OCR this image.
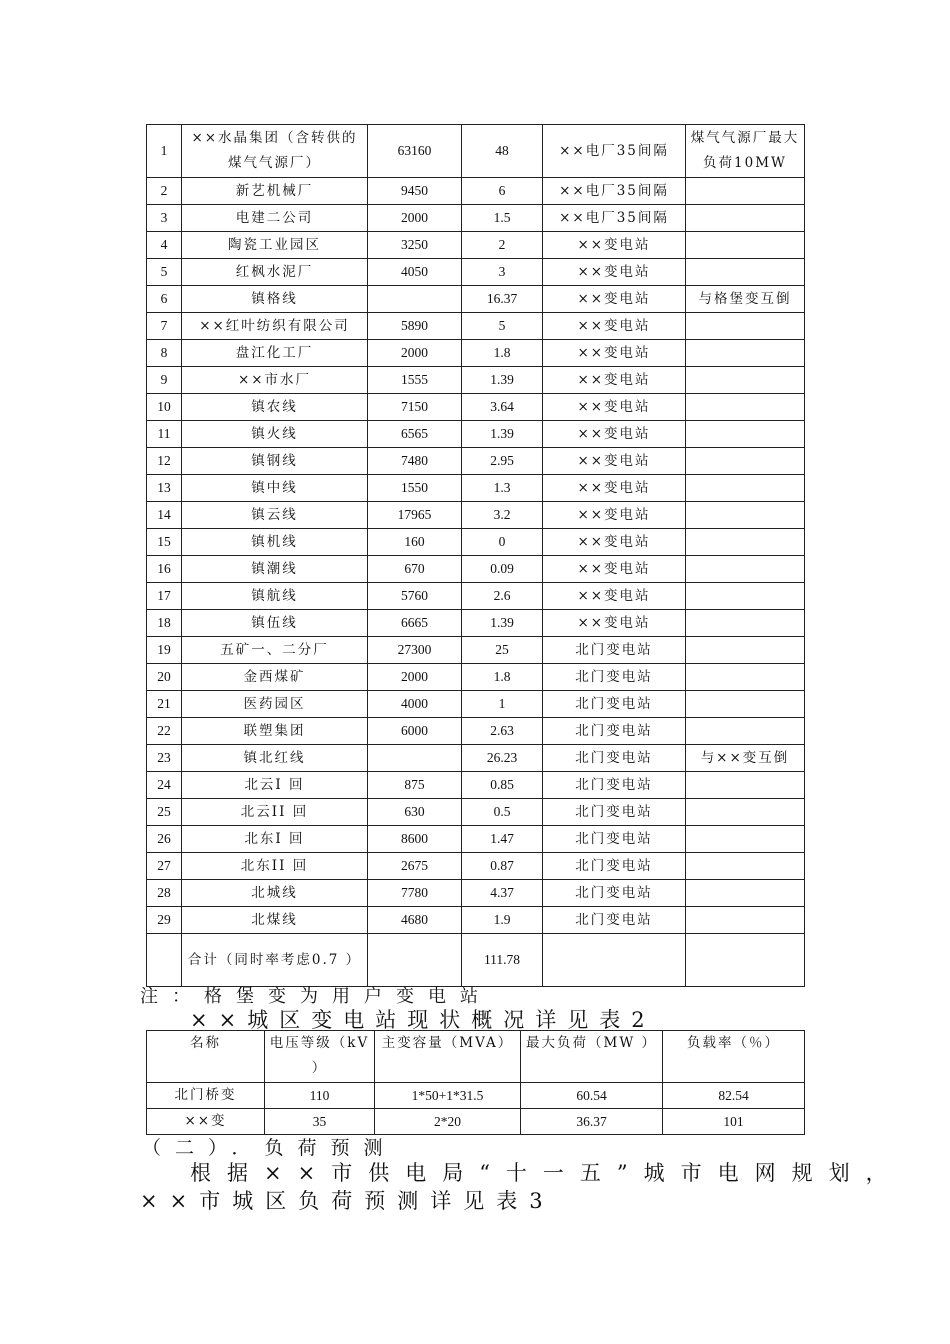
1	××水晶集团（含转供的煤气气源厂）	63160	48	××电厂35间隔	煤气气源厂最大负荷10MW
2	新艺机械厂	9450	6	××电厂35间隔	
3	电建二公司	2000	1.5	××电厂35间隔	
4	陶瓷工业园区	3250	2	××变电站	
5	红枫水泥厂	4050	3	××变电站	
6	镇格线		16.37	××变电站	与格堡变互倒
7	××红叶纺织有限公司	5890	5	××变电站	
8	盘江化工厂	2000	1.8	××变电站	
9	××市水厂	1555	1.39	××变电站	
10	镇农线	7150	3.64	××变电站	
11	镇火线	6565	1.39	××变电站	
12	镇钢线	7480	2.95	××变电站	
13	镇中线	1550	1.3	××变电站	
14	镇云线	17965	3.2	××变电站	
15	镇机线	160	0	××变电站	
16	镇潮线	670	0.09	××变电站	
17	镇航线	5760	2.6	××变电站	
18	镇伍线	6665	1.39	××变电站	
19	五矿一、二分厂	27300	25	北门变电站	
20	金西煤矿	2000	1.8	北门变电站	
21	医药园区	4000	1	北门变电站	
22	联塑集团	6000	2.63	北门变电站	
23	镇北红线		26.23	北门变电站	与××变互倒
24	北云I 回	875	0.85	北门变电站	
25	北云II 回	630	0.5	北门变电站	
26	北东I 回	8600	1.47	北门变电站	
27	北东II 回	2675	0.87	北门变电站	
28	北城线	7780	4.37	北门变电站	
29	北煤线	4680	1.9	北门变电站	
	合计（同时率考虑0.7 ）		111.78		
注：格堡变为用户变电站
××城区变电站现状概况详见表2
名称	电压等级（kV ）	主变容量（MVA）	最大负荷（MW ）	负载率（％）
北门桥变	110	1*50+1*31.5	60.54	82.54
××变	35	2*20	36.37	101
（二）．负荷预测
根据××市供电局“十一五”城市电网规划，
××市城区负荷预测详见表3
